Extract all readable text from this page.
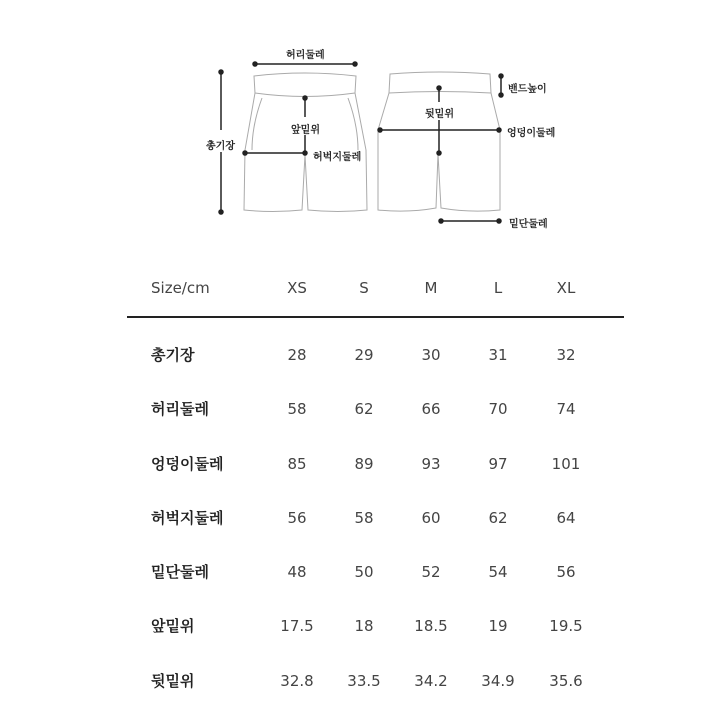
허리둘레
총기장
앞밑위
허벅지둘레
밴드높이
뒷밑위
엉덩이둘레
밑단둘레
Size/cm	XS	S	M	L	XL
총기장	28	29	30	31	32
허리둘레	58	62	66	70	74
엉덩이둘레	85	89	93	97	101
허벅지둘레	56	58	60	62	64
밑단둘레	48	50	52	54	56
앞밑위	17.5	18	18.5	19	19.5
뒷밑위	32.8 33.5 34.2 34.9 35.6
